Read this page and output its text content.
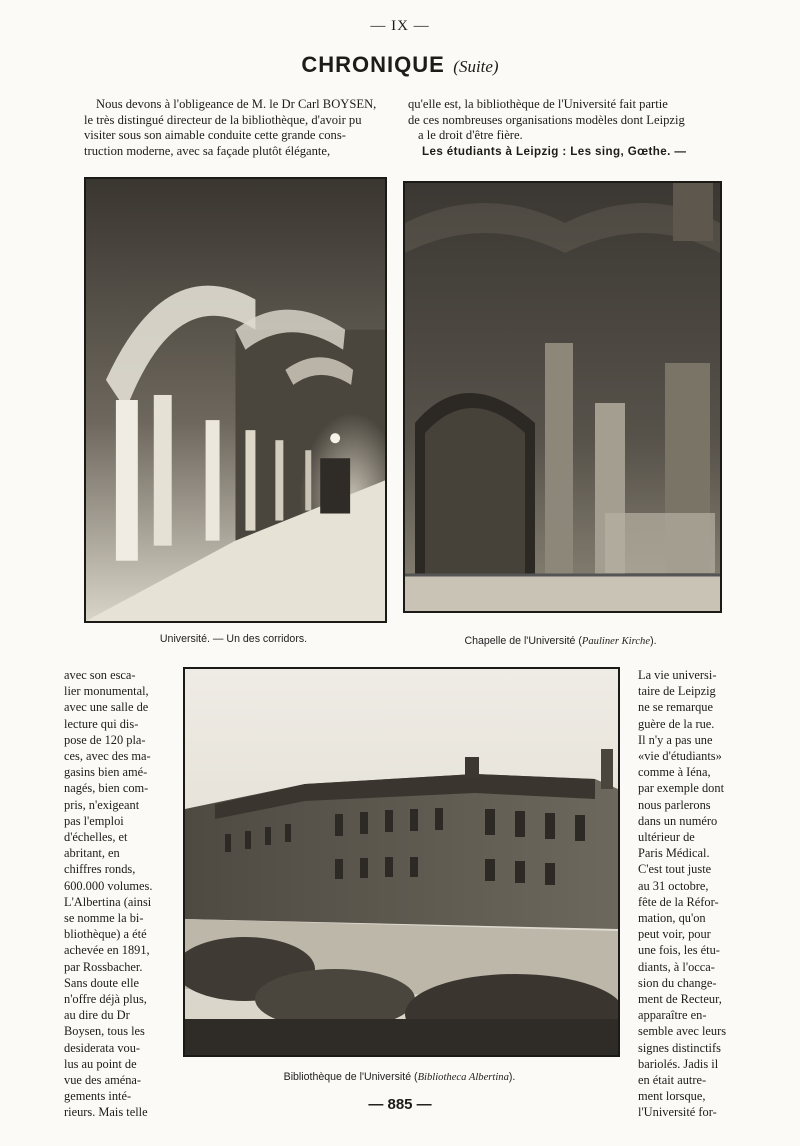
— IX —
CHRONIQUE (Suite)
Nous devons à l'obligeance de M. le Dr Carl BOYSEN,
le très distingué directeur de la bibliothèque, d'avoir pu
visiter sous son aimable conduite cette grande cons-
truction moderne, avec sa façade plutôt élégante,
qu'elle est, la bibliothèque de l'Université fait partie
de ces nombreuses organisations modèles dont Leipzig
a le droit d'être fière.
Les étudiants à Leipzig : Les sing, Gœthe. —
Université. — Un des corridors.	Chapelle de l'Université (Pauliner Kirche).
Bibliothèque de l'Université (Bibliotheca Albertina).
avec son esca-
lier monumental,
avec une salle de
lecture qui dis-
pose de 120 pla-
ces, avec des ma-
gasins bien amé-
nagés, bien com-
pris, n'exigeant
pas l'emploi
d'échelles, et
abritant, en
chiffres ronds,
600.000 volumes.
L'Albertina (ainsi
se nomme la bi-
bliothèque) a été
achevée en 1891,
par Rossbacher.
Sans doute elle
n'offre déjà plus,
au dire du Dr
Boysen, tous les
desiderata vou-
lus au point de
vue des aména-
gements inté-
rieurs. Mais telle
La vie universi-
taire de Leipzig
ne se remarque
guère de la rue.
Il n'y a pas une
«vie d'étudiants»
comme à Iéna,
par exemple dont
nous parlerons
dans un numéro
ultérieur de
Paris Médical.
C'est tout juste
au 31 octobre,
fête de la Réfor-
mation, qu'on
peut voir, pour
une fois, les étu-
diants, à l'occa-
sion du change-
ment de Recteur,
apparaître en-
semble avec leurs
signes distinctifs
bariolés. Jadis il
en était autre-
ment lorsque,
l'Université for-
— 885 —
